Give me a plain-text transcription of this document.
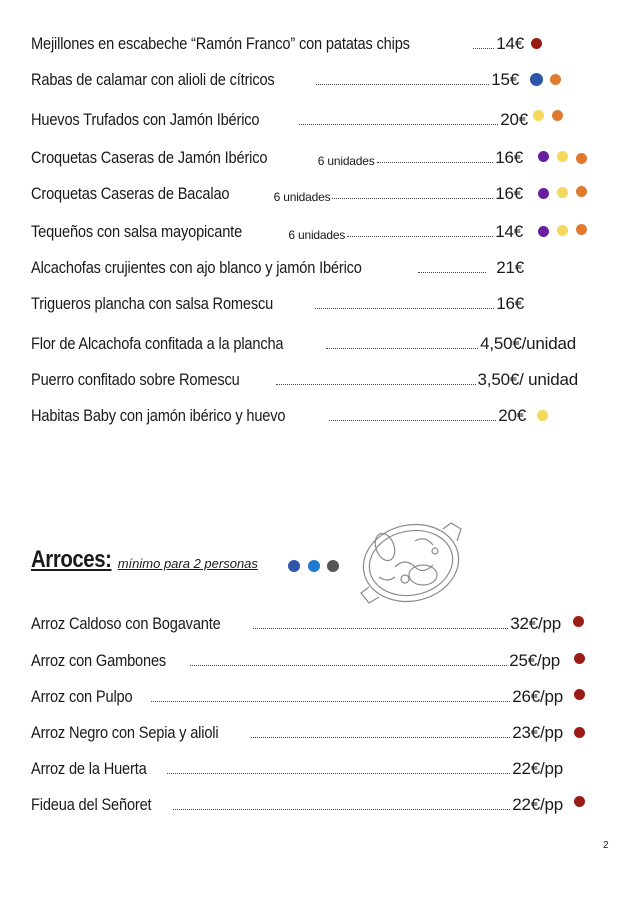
Mejillones en escabeche “Ramón Franco” con patatas chips	14€
Rabas de calamar con alioli de cítricos	15€
Huevos Trufados con Jamón Ibérico	20€
Croquetas Caseras de Jamón Ibérico	6 unidades	16€
Croquetas Caseras de Bacalao	6 unidades	16€
Tequeños con salsa mayopicante	6 unidades	14€
Alcachofas crujientes con ajo blanco y jamón Ibérico	21€
Trigueros plancha con salsa Romescu	16€
Flor de Alcachofa confitada a la plancha	4,50€/unidad
Puerro confitado sobre Romescu	3,50€/ unidad
Habitas Baby con jamón ibérico y huevo	20€
Arroces: mínimo para 2 personas
Arroz Caldoso con Bogavante	32€/pp
Arroz con Gambones	25€/pp
Arroz con Pulpo	26€/pp
Arroz Negro con Sepia y alioli	23€/pp
Arroz de la Huerta	22€/pp
Fideua del Señoret	22€/pp
2
